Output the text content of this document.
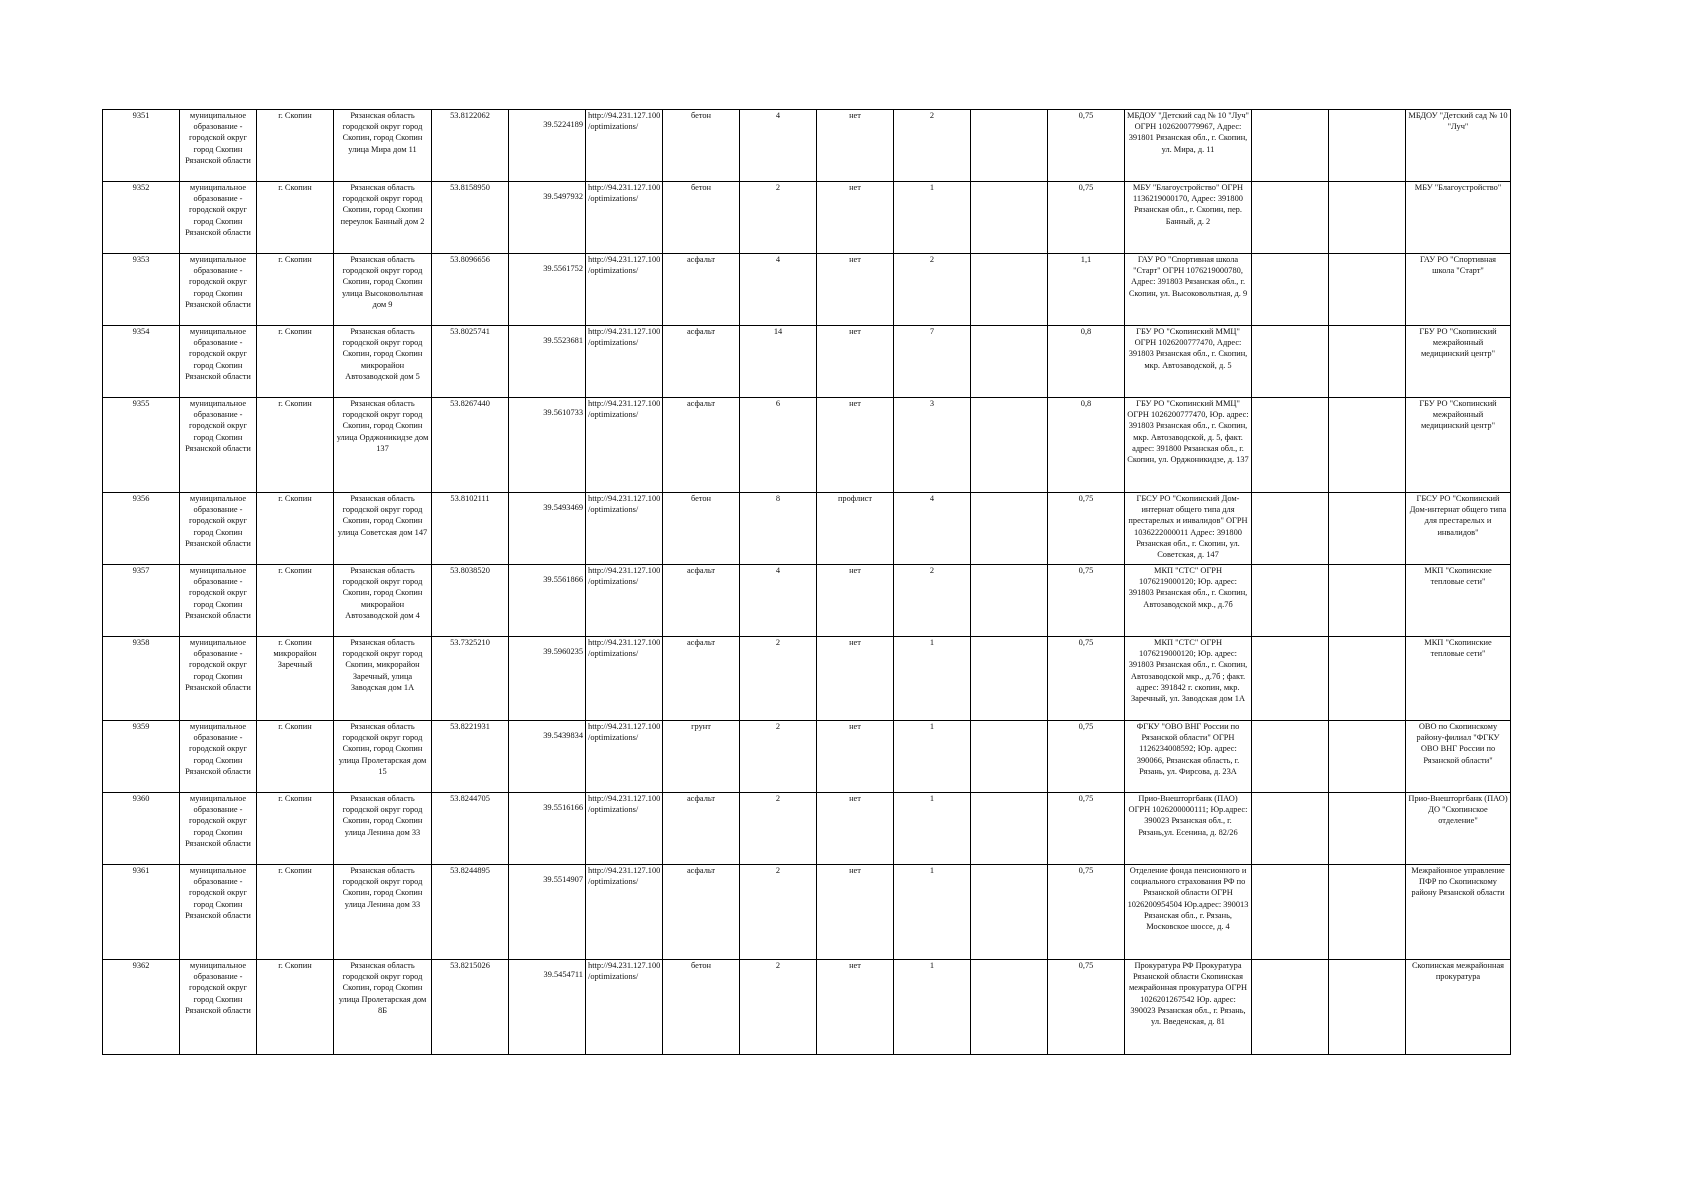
9351	муниципальное образование - городской округ город Скопин Рязанской области	г. Скопин	Рязанская область городской округ город Скопин, город Скопин улица Мира дом 11	53.8122062	39.5224189	http://94.231.127.100/optimizations/	бетон	4	нет	2		0,75	МБДОУ "Детский сад № 10 "Луч" ОГРН 1026200779967, Адрес: 391801 Рязанская обл., г. Скопин, ул. Мира, д. 11			МБДОУ "Детский сад № 10 "Луч"	
9352	муниципальное образование - городской округ город Скопин Рязанской области	г. Скопин	Рязанская область городской округ город Скопин, город Скопин переулок Банный дом 2	53.8158950	39.5497932	http://94.231.127.100/optimizations/	бетон	2	нет	1		0,75	МБУ "Благоустройство" ОГРН 1136219000170, Адрес: 391800 Рязанская обл., г. Скопин, пер. Банный, д. 2			МБУ "Благоустройство"	
9353	муниципальное образование - городской округ город Скопин Рязанской области	г. Скопин	Рязанская область городской округ город Скопин, город Скопин улица Высоковольтная дом 9	53.8096656	39.5561752	http://94.231.127.100/optimizations/	асфальт	4	нет	2		1,1	ГАУ РО "Спортивная школа "Старт" ОГРН 1076219000780, Адрес: 391803 Рязанская обл., г. Скопин, ул. Высоковольтная, д. 9			ГАУ РО "Спортивная школа "Старт"	
9354	муниципальное образование - городской округ город Скопин Рязанской области	г. Скопин	Рязанская область городской округ город Скопин, город Скопин микрорайон Автозаводской дом 5	53.8025741	39.5523681	http://94.231.127.100/optimizations/	асфальт	14	нет	7		0,8	ГБУ РО "Скопинский ММЦ" ОГРН 1026200777470, Адрес: 391803 Рязанская обл., г. Скопин, мкр. Автозаводской, д. 5			ГБУ РО "Скопинский межрайонный медицинский центр"	
9355	муниципальное образование - городской округ город Скопин Рязанской области	г. Скопин	Рязанская область городской округ город Скопин, город Скопин улица Орджоникидзе дом 137	53.8267440	39.5610733	http://94.231.127.100/optimizations/	асфальт	6	нет	3		0,8	ГБУ РО "Скопинский ММЦ" ОГРН 1026200777470, Юр. адрес: 391803 Рязанская обл., г. Скопин, мкр. Автозаводской, д. 5, факт. адрес: 391800 Рязанская обл., г. Скопин, ул. Орджоникидзе, д. 137			ГБУ РО "Скопинский межрайонный медицинский центр"	
9356	муниципальное образование - городской округ город Скопин Рязанской области	г. Скопин	Рязанская область городской округ город Скопин, город Скопин улица Советская дом 147	53.8102111	39.5493469	http://94.231.127.100/optimizations/	бетон	8	профлист	4		0,75	ГБСУ РО "Скопинский Дом-интернат общего типа для престарелых и инвалидов" ОГРН 1036222000011 Адрес: 391800 Рязанская обл., г. Скопин, ул. Советская, д. 147			ГБСУ РО "Скопинский Дом-интернат общего типа для престарелых и инвалидов"	
9357	муниципальное образование - городской округ город Скопин Рязанской области	г. Скопин	Рязанская область городской округ город Скопин, город Скопин микрорайон Автозаводской дом 4	53.8038520	39.5561866	http://94.231.127.100/optimizations/	асфальт	4	нет	2		0,75	МКП "СТС" ОГРН 1076219000120; Юр. адрес: 391803 Рязанская обл., г. Скопин, Автозаводской мкр., д.7б			МКП "Скопинские тепловые сети"	
9358	муниципальное образование - городской округ город Скопин Рязанской области	г. Скопин микрорайон Заречный	Рязанская область городской округ город Скопин, микрорайон Заречный, улица Заводская дом 1А	53.7325210	39.5960235	http://94.231.127.100/optimizations/	асфальт	2	нет	1		0,75	МКП "СТС" ОГРН 1076219000120; Юр. адрес: 391803 Рязанская обл., г. Скопин, Автозаводской мкр., д.7б ; факт. адрес: 391842 г. скопин, мкр. Заречный, ул. Заводская дом 1А			МКП "Скопинские тепловые сети"	
9359	муниципальное образование - городской округ город Скопин Рязанской области	г. Скопин	Рязанская область городской округ город Скопин, город Скопин улица Пролетарская дом 15	53.8221931	39.5439834	http://94.231.127.100/optimizations/	грунт	2	нет	1		0,75	ФГКУ "ОВО ВНГ России по Рязанской области" ОГРН 1126234008592; Юр. адрес: 390066, Рязанская область, г. Рязань, ул. Фирсова, д. 23А			ОВО по Скопинскому району-филиал "ФГКУ ОВО ВНГ России по Рязанской области"	
9360	муниципальное образование - городской округ город Скопин Рязанской области	г. Скопин	Рязанская область городской округ город Скопин, город Скопин улица Ленина дом 33	53.8244705	39.5516166	http://94.231.127.100/optimizations/	асфальт	2	нет	1		0,75	Прио-Внешторгбанк (ПАО) ОГРН 1026200000111; Юр.адрес: 390023 Рязанская обл., г. Рязань,ул. Есенина, д. 82/26			Прио-Внешторгбанк (ПАО) ДО "Скопинское отделение"	
9361	муниципальное образование - городской округ город Скопин Рязанской области	г. Скопин	Рязанская область городской округ город Скопин, город Скопин улица Ленина дом 33	53.8244895	39.5514907	http://94.231.127.100/optimizations/	асфальт	2	нет	1		0,75	Отделение фонда пенсионного и социального страхования РФ по Рязанской области ОГРН 1026200954504 Юр.адрес: 390013 Рязанская обл., г. Рязань, Московское шоссе, д. 4			Межрайонное управление ПФР по Скопинскому району Рязанской области	
9362	муниципальное образование - городской округ город Скопин Рязанской области	г. Скопин	Рязанская область городской округ город Скопин, город Скопин улица Пролетарская дом 8Б	53.8215026	39.5454711	http://94.231.127.100/optimizations/	бетон	2	нет	1		0,75	Прокуратура РФ Прокуратура Рязанской области Скопинская межрайонная прокуратура ОГРН 1026201267542 Юр. адрес: 390023 Рязанская обл., г. Рязань, ул. Введенская, д. 81			Скопинская межрайонная прокуратура	
